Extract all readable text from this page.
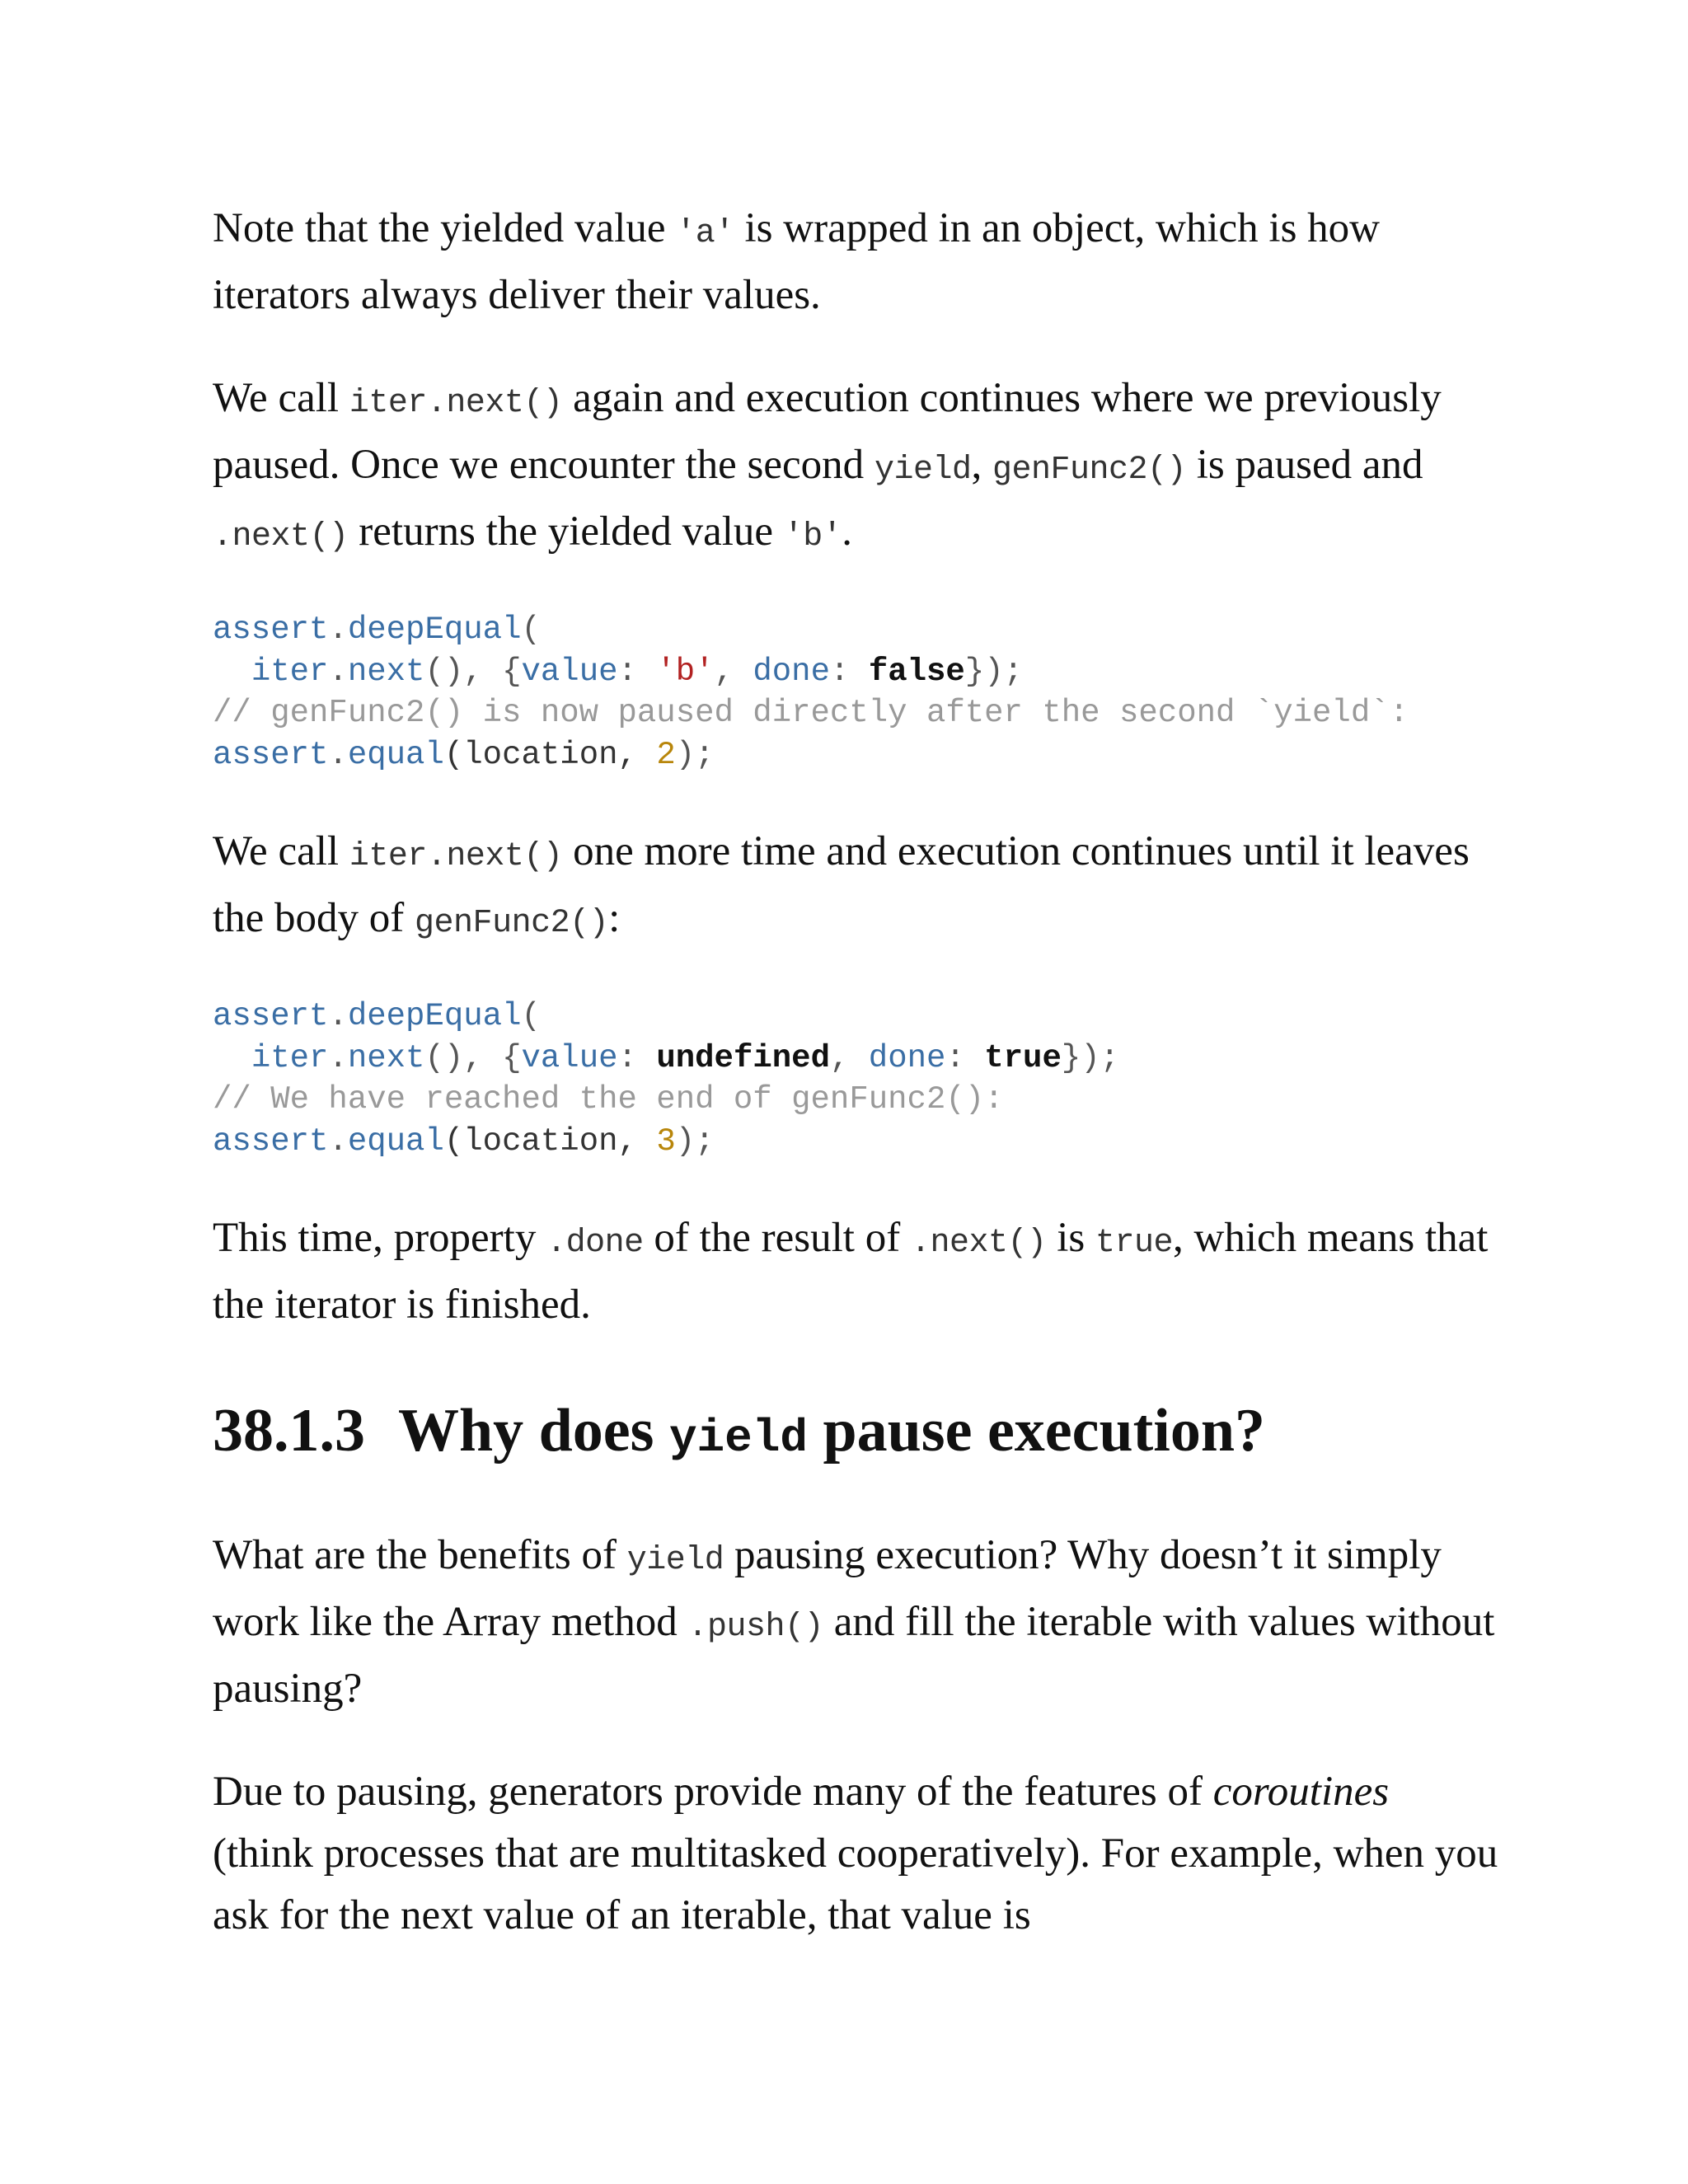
Note that the yielded value 'a' is wrapped in an object, which is how iterators always deliver their values.

We call iter.next() again and execution continues where we previously paused. Once we encounter the second yield, genFunc2() is paused and .next() returns the yielded value 'b'.

assert.deepEqual(
iter.next(), {value: 'b', done: false});
// genFunc2() is now paused directly after the second `yield`:
assert.equal(location, 2);

We call iter.next() one more time and execution continues until it leaves the body of genFunc2():

assert.deepEqual(
iter.next(), {value: undefined, done: true});
// We have reached the end of genFunc2():
assert.equal(location, 3);

This time, property .done of the result of .next() is true, which means that the iterator is finished.

38.1.3 Why does yield pause execution?

What are the benefits of yield pausing execution? Why doesn’t it simply work like the Array method .push() and fill the iterable with values without pausing?

Due to pausing, generators provide many of the features of coroutines (think processes that are multitasked cooperatively). For example, when you ask for the next value of an iterable, that value is
